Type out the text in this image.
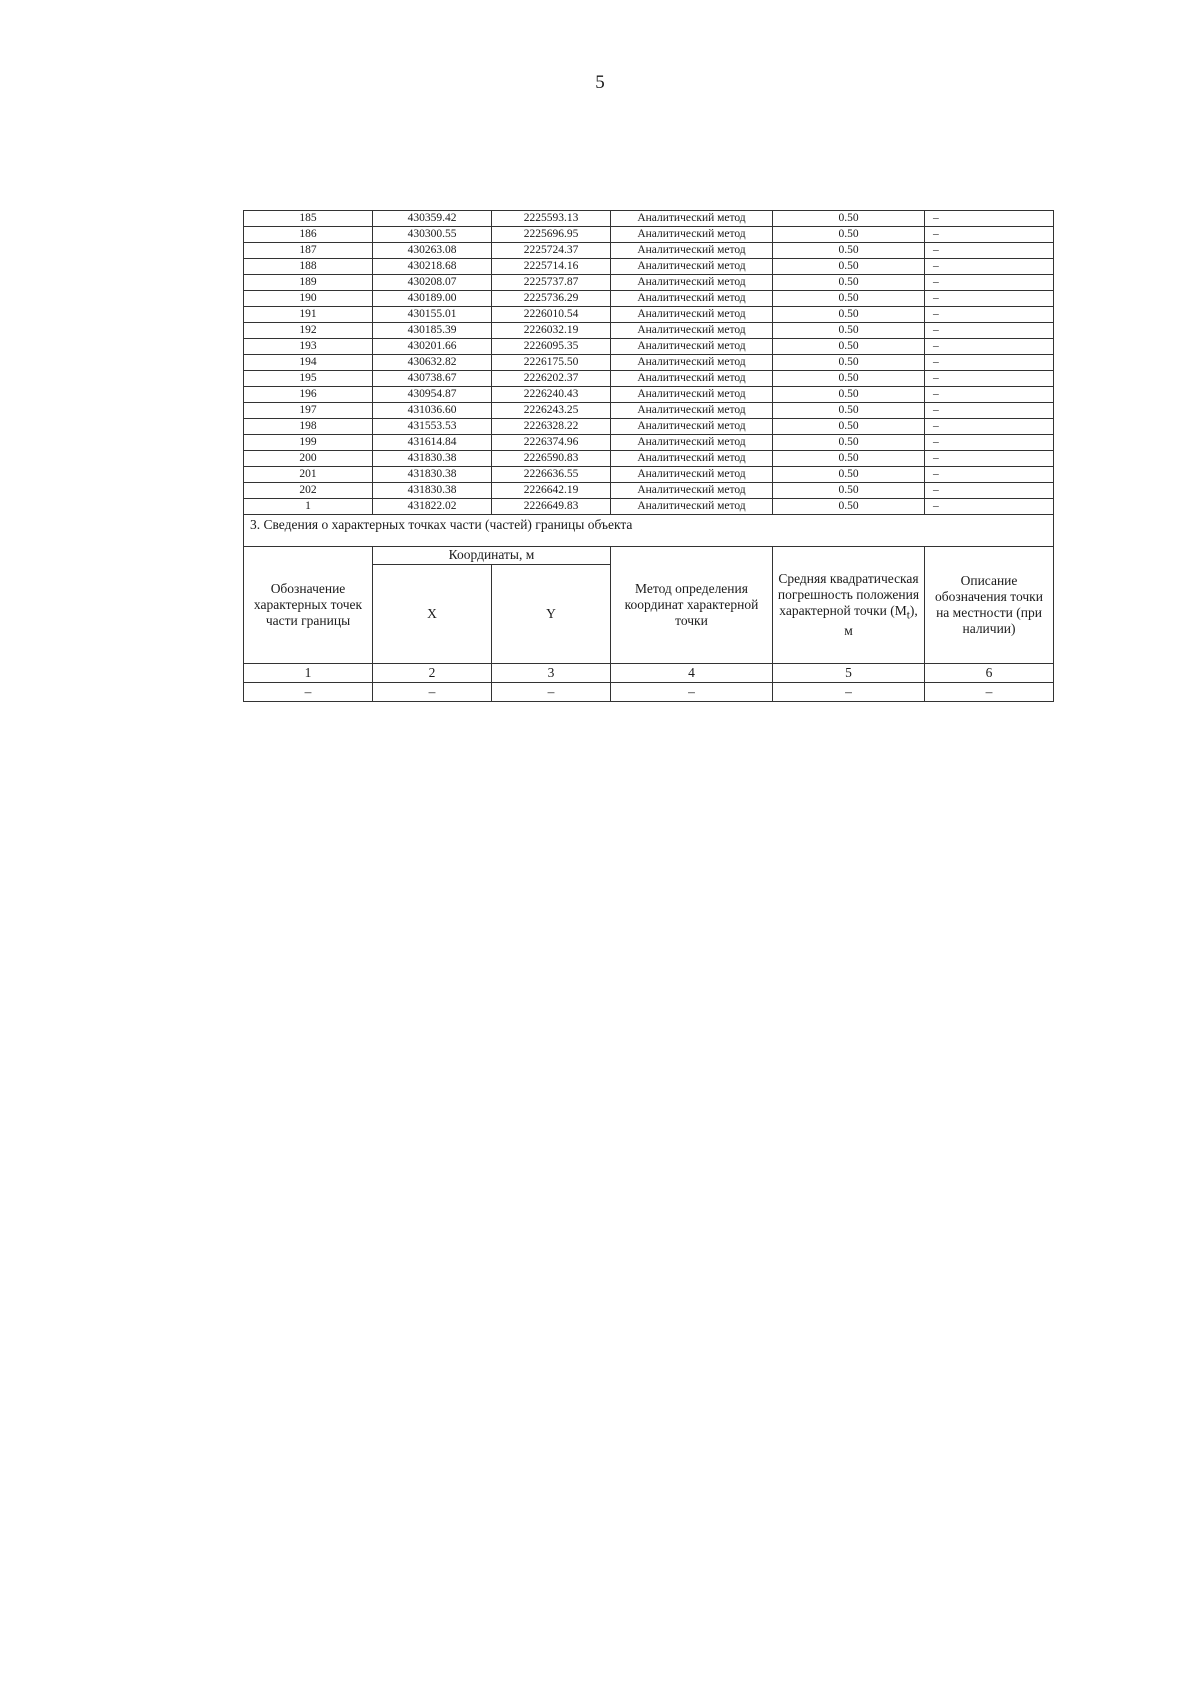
5
185	430359.42	2225593.13	Аналитический метод	0.50	–
186	430300.55	2225696.95	Аналитический метод	0.50	–
187	430263.08	2225724.37	Аналитический метод	0.50	–
188	430218.68	2225714.16	Аналитический метод	0.50	–
189	430208.07	2225737.87	Аналитический метод	0.50	–
190	430189.00	2225736.29	Аналитический метод	0.50	–
191	430155.01	2226010.54	Аналитический метод	0.50	–
192	430185.39	2226032.19	Аналитический метод	0.50	–
193	430201.66	2226095.35	Аналитический метод	0.50	–
194	430632.82	2226175.50	Аналитический метод	0.50	–
195	430738.67	2226202.37	Аналитический метод	0.50	–
196	430954.87	2226240.43	Аналитический метод	0.50	–
197	431036.60	2226243.25	Аналитический метод	0.50	–
198	431553.53	2226328.22	Аналитический метод	0.50	–
199	431614.84	2226374.96	Аналитический метод	0.50	–
200	431830.38	2226590.83	Аналитический метод	0.50	–
201	431830.38	2226636.55	Аналитический метод	0.50	–
202	431830.38	2226642.19	Аналитический метод	0.50	–
1	431822.02	2226649.83	Аналитический метод	0.50	–
3. Сведения о характерных точках части (частей) границы объекта					
Обозначение характерных точек части границы	Координаты, м		Метод определения координат характерной точки	Средняя квадратическая погрешность положения характерной точки $(M_t)$, м	Описание обозначения точки на местности (при наличии)
	X	Y			
1	2	3	4	5	6
–	–	–	–	–	–
